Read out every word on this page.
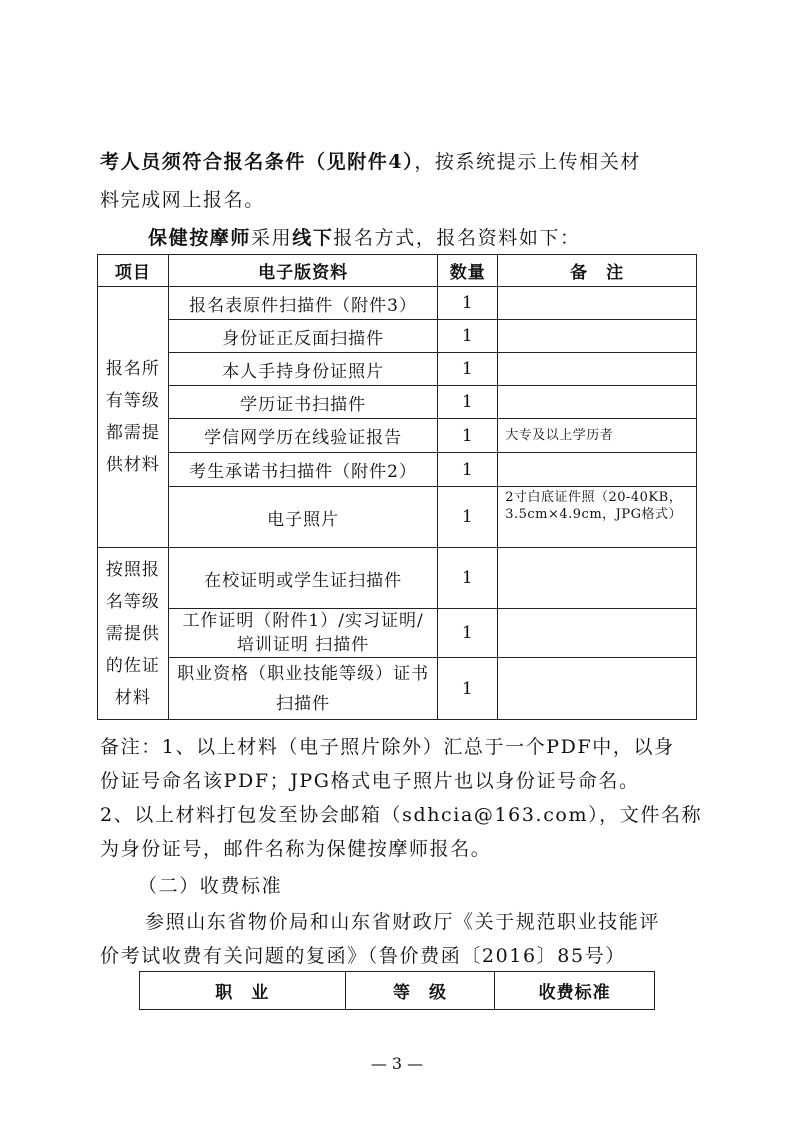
考人员须符合报名条件（见附件4），按系统提示上传相关材
料完成网上报名。
保健按摩师采用线下报名方式，报名资料如下：
项目	电子版资料	数量	备　注

报名所
有等级
都需提
供材料	报名表原件扫描件（附件3）	1	
	身份证正反面扫描件	1	
	本人手持身份证照片	1	
	学历证书扫描件	1	
	学信网学历在线验证报告	1	大专及以上学历者
	考生承诺书扫描件（附件2）	1	
	电子照片	1	2寸白底证件照（20-40KB，3.5cm×4.9cm，JPG格式）

按照报
名等级
需提供
的佐证
材料	在校证明或学生证扫描件	1	
	工作证明（附件1）/实习证明/培训证明 扫描件	1	
	职业资格（职业技能等级）证书扫描件	1	
备注：1、以上材料（电子照片除外）汇总于一个PDF中，以身
份证号命名该PDF；JPG格式电子照片也以身份证号命名。
2、以上材料打包发至协会邮箱（sdhcia@163.com），文件名称
为身份证号，邮件名称为保健按摩师报名。
（二）收费标准
参照山东省物价局和山东省财政厅《关于规范职业技能评
价考试收费有关问题的复函》（鲁价费函〔2016〕85号）
职　业	等　级	收费标准
— 3 —
